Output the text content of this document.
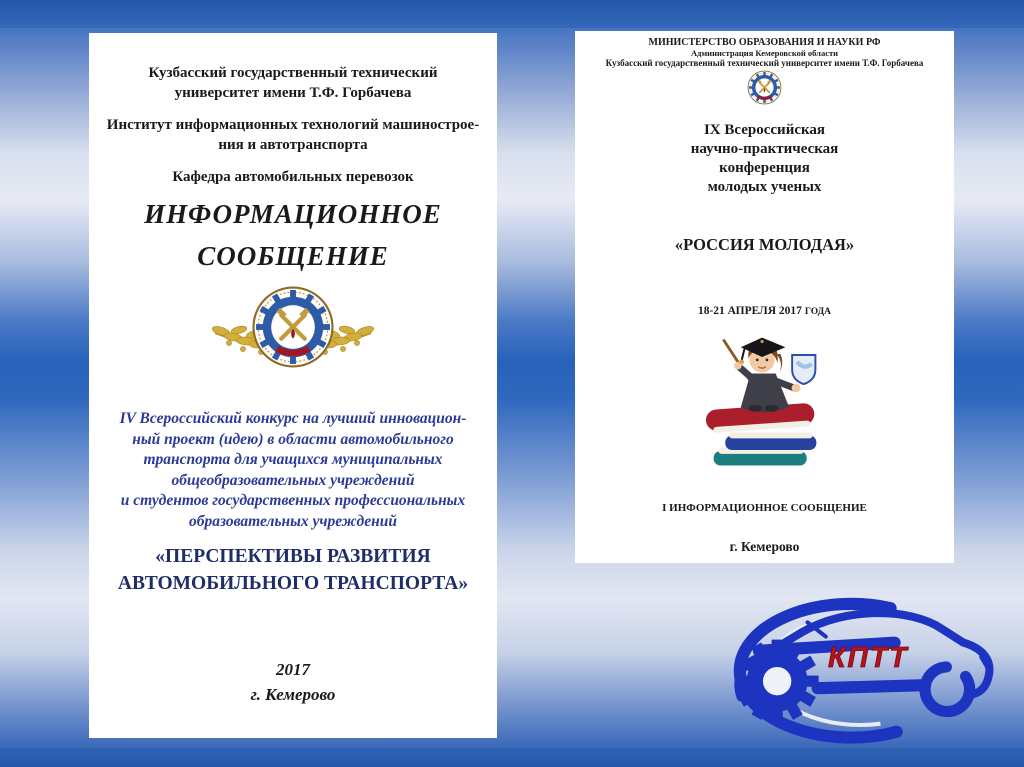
Кузбасский государственный технический
университет имени Т.Ф. Горбачева
Институт информационных технологий машинострое-
ния и автотранспорта
Кафедра автомобильных перевозок
ИНФОРМАЦИОННОЕ
СООБЩЕНИЕ
IV Всероссийский конкурс на лучший инновацион-
ный проект (идею) в области автомобильного
транспорта для учащихся муниципальных
общеобразовательных учреждений
и студентов государственных профессиональных
образовательных учреждений
«ПЕРСПЕКТИВЫ РАЗВИТИЯ
АВТОМОБИЛЬНОГО ТРАНСПОРТА»
2017
г. Кемерово
МИНИСТЕРСТВО ОБРАЗОВАНИЯ И НАУКИ РФ
Администрация Кемеровской области
Кузбасский государственный технический университет имени Т.Ф. Горбачева
IX Всероссийская
научно-практическая
конференция
молодых ученых
«РОССИЯ МОЛОДАЯ»
18-21 АПРЕЛЯ 2017 ГОДА
I ИНФОРМАЦИОННОЕ СООБЩЕНИЕ
г. Кемерово
КПТТ
